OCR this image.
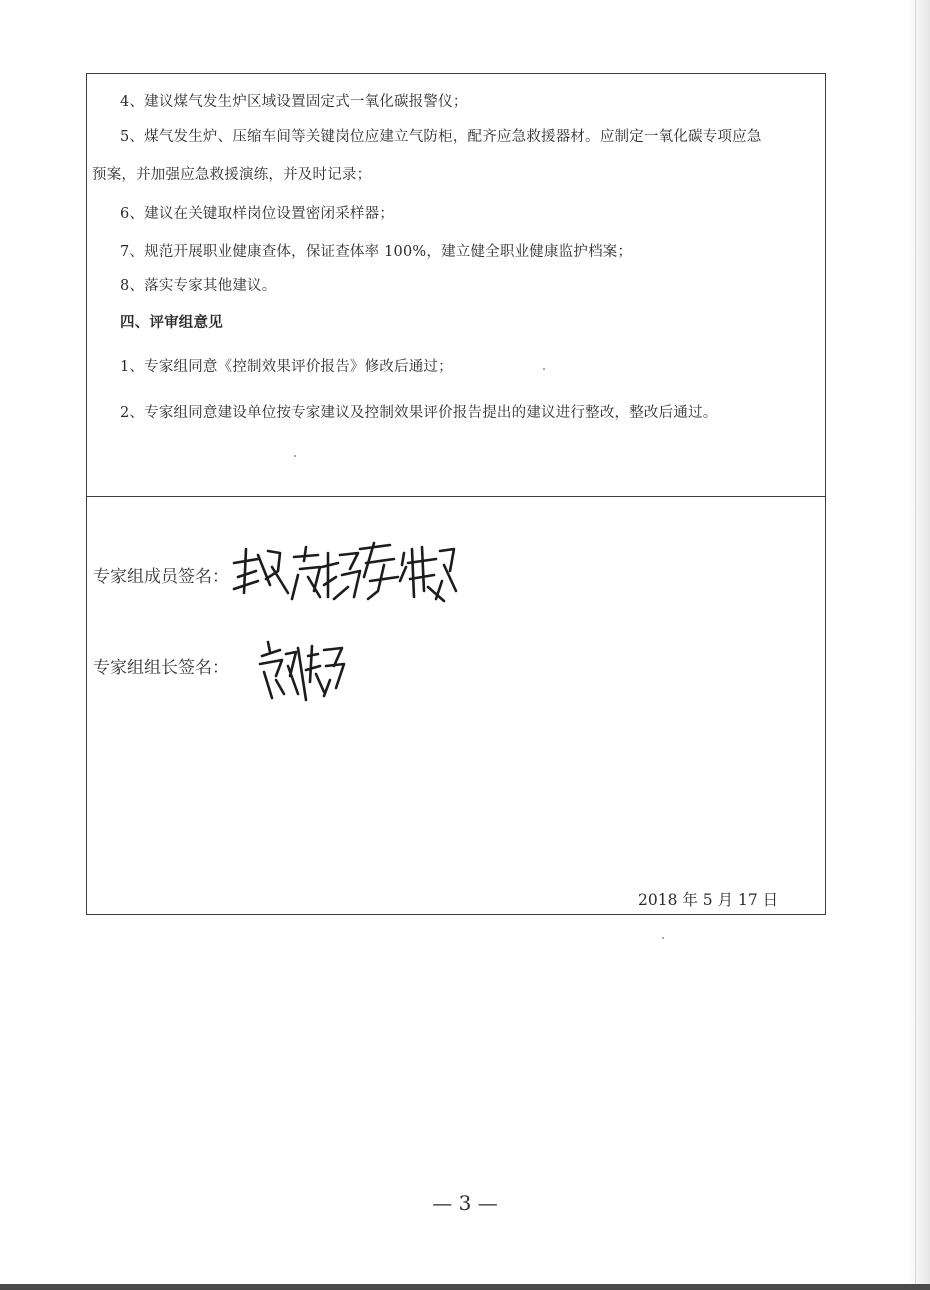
4、建议煤气发生炉区域设置固定式一氧化碳报警仪；
5、煤气发生炉、压缩车间等关键岗位应建立气防柜，配齐应急救援器材。应制定一氧化碳专项应急
预案，并加强应急救援演练，并及时记录；
6、建议在关键取样岗位设置密闭采样器；
7、规范开展职业健康查体，保证查体率 100%，建立健全职业健康监护档案；
8、落实专家其他建议。
四、评审组意见
1、专家组同意《控制效果评价报告》修改后通过；
2、专家组同意建设单位按专家建议及控制效果评价报告提出的建议进行整改，整改后通过。
专家组成员签名：
专家组组长签名：
2018 年 5 月 17 日
— 3 —
